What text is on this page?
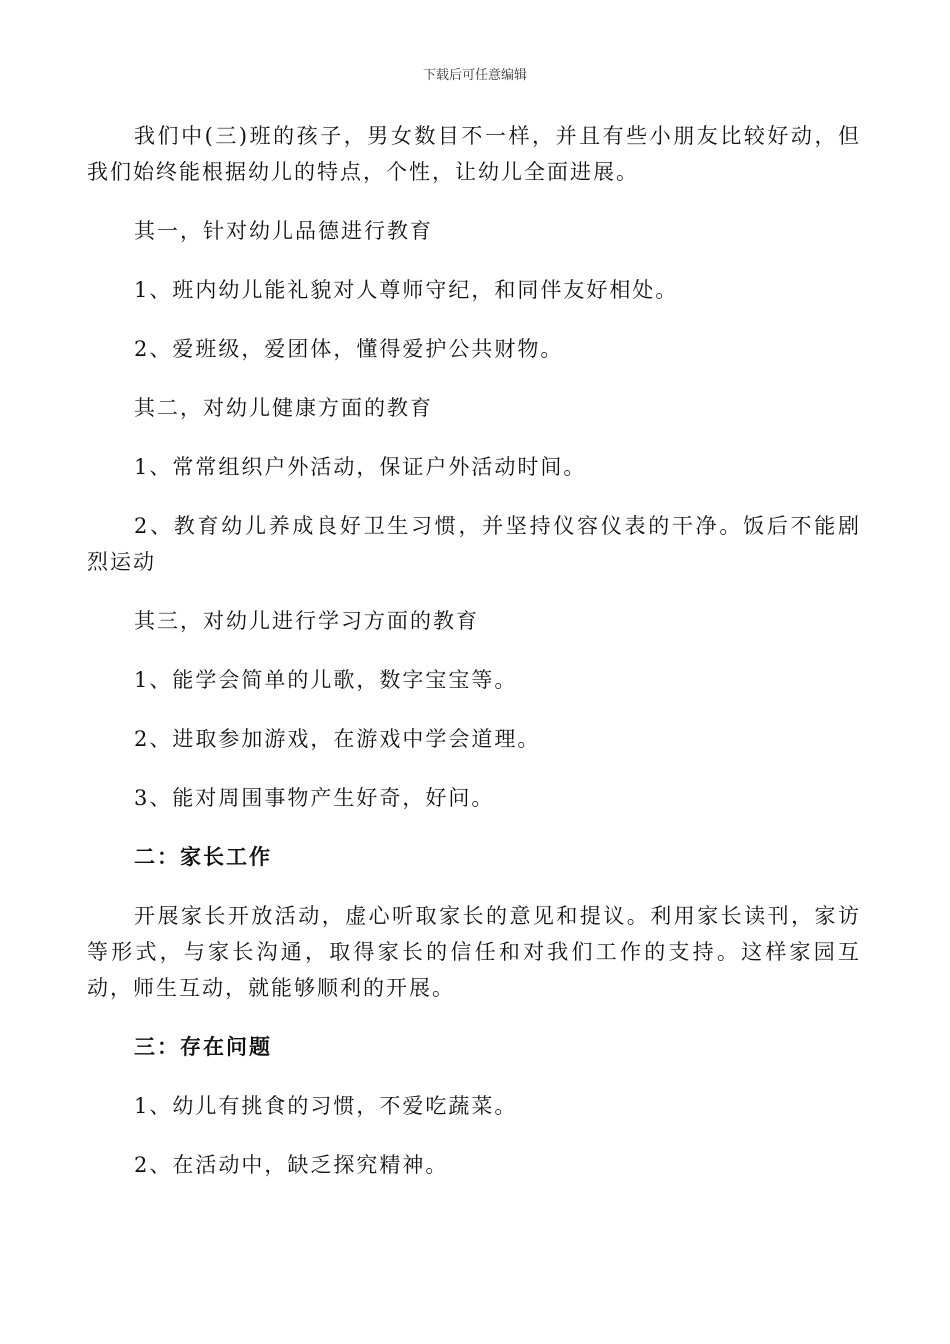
下载后可任意编辑

我们中(三)班的孩子，男女数目不一样，并且有些小朋友比较好动，但我们始终能根据幼儿的特点，个性，让幼儿全面进展。

其一，针对幼儿品德进行教育

1、班内幼儿能礼貌对人尊师守纪，和同伴友好相处。

2、爱班级，爱团体，懂得爱护公共财物。

其二，对幼儿健康方面的教育

1、常常组织户外活动，保证户外活动时间。

2、教育幼儿养成良好卫生习惯，并坚持仪容仪表的干净。饭后不能剧烈运动

其三，对幼儿进行学习方面的教育

1、能学会简单的儿歌，数字宝宝等。

2、进取参加游戏，在游戏中学会道理。

3、能对周围事物产生好奇，好问。

二：家长工作

开展家长开放活动，虚心听取家长的意见和提议。利用家长读刊，家访等形式，与家长沟通，取得家长的信任和对我们工作的支持。这样家园互动，师生互动，就能够顺利的开展。

三：存在问题

1、幼儿有挑食的习惯，不爱吃蔬菜。

2、在活动中，缺乏探究精神。
